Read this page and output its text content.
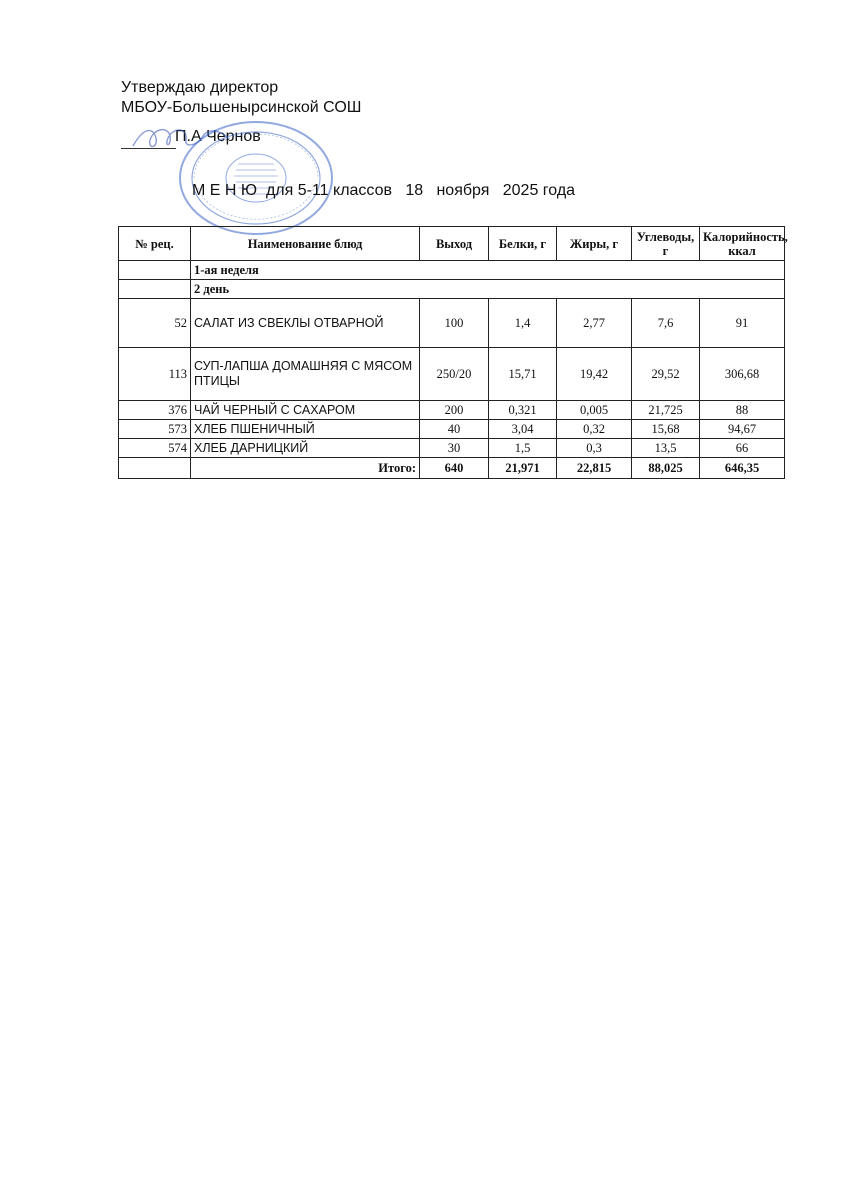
Утверждаю директор
МБОУ-Большеныpсинской СОШ
П.А Чернов
М Е Н Ю  для 5-11 классов   18   ноября   2025 года
№ рец.	Наименование блюд	Выход	Белки, г	Жиры, г	Углеводы, г	Калорийность, ккал
	1-ая неделя					
	2 день					
52	САЛАТ ИЗ СВЕКЛЫ ОТВАРНОЙ	100	1,4	2,77	7,6	91
113	СУП-ЛАПША ДОМАШНЯЯ С МЯСОМ ПТИЦЫ	250/20	15,71	19,42	29,52	306,68
376	ЧАЙ ЧЕРНЫЙ С САХАРОМ	200	0,321	0,005	21,725	88
573	ХЛЕБ ПШЕНИЧНЫЙ	40	3,04	0,32	15,68	94,67
574	ХЛЕБ ДАРНИЦКИЙ	30	1,5	0,3	13,5	66
	Итого:	640	21,971	22,815	88,025	646,35
